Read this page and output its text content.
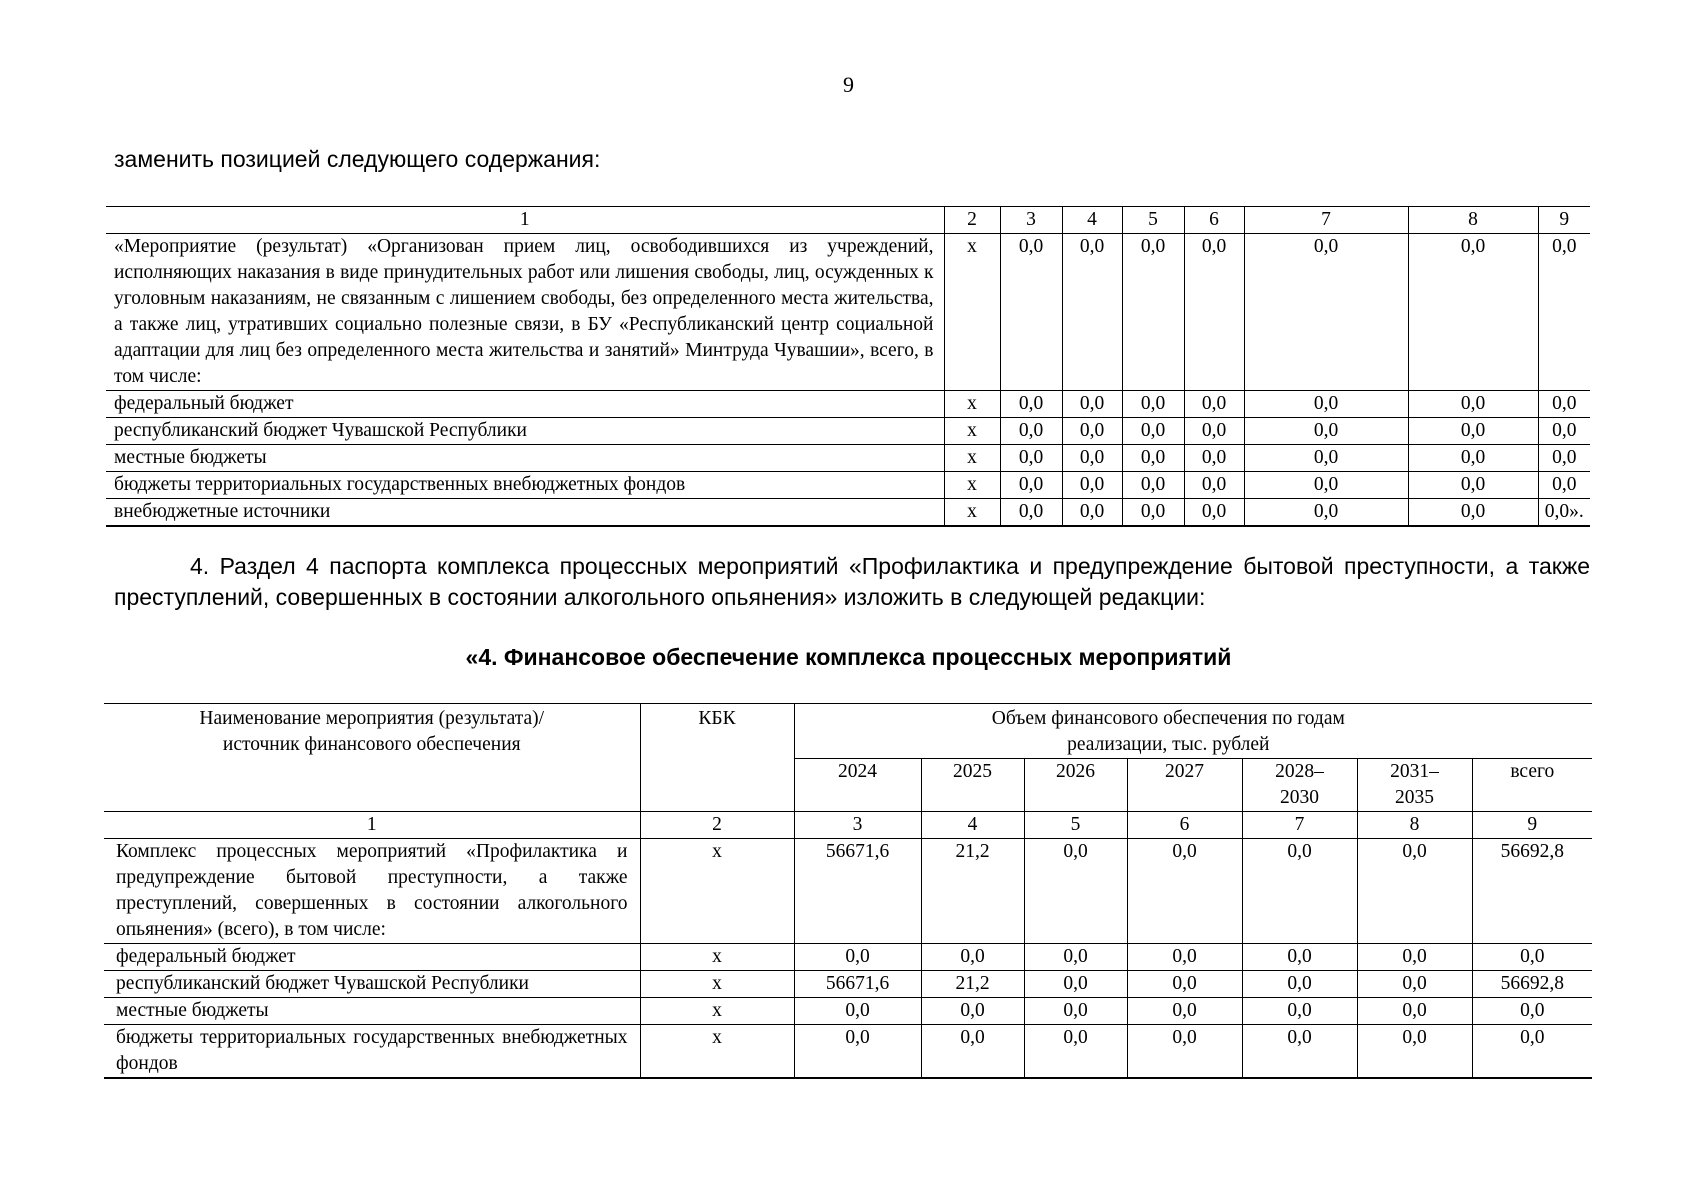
9
заменить позицией следующего содержания:
1	2	3	4	5	6	7	8	9
«Мероприятие (результат) «Организован прием лиц, освободившихся из учреждений, исполняющих наказания в виде принудительных работ или лишения свободы, лиц, осужденных к уголовным наказаниям, не связанным с лишением свободы, без определенного места жительства, а также лиц, утративших социально полезные связи, в БУ «Республиканский центр социальной адаптации для лиц без определенного места жительства и занятий» Минтруда Чувашии», всего, в том числе:	х	0,0	0,0	0,0	0,0	0,0	0,0	0,0
федеральный бюджет	х	0,0	0,0	0,0	0,0	0,0	0,0	0,0
республиканский бюджет Чувашской Республики	х	0,0	0,0	0,0	0,0	0,0	0,0	0,0
местные бюджеты	х	0,0	0,0	0,0	0,0	0,0	0,0	0,0
бюджеты территориальных государственных внебюджетных фондов	х	0,0	0,0	0,0	0,0	0,0	0,0	0,0
внебюджетные источники	х	0,0	0,0	0,0	0,0	0,0	0,0	0,0».
4. Раздел 4 паспорта комплекса процессных мероприятий «Профилактика и предупреждение бытовой преступности, а также преступлений, совершенных в состоянии алкогольного опьянения» изложить в следующей редакции:
«4. Финансовое обеспечение комплекса процессных мероприятий
Наименование мероприятия (результата)/ источник финансового обеспечения	КБК	Объем финансового обеспечения по годам реализации, тыс. рублей						
		2024	2025	2026	2027	2028– 2030	2031– 2035	всего
1	2	3	4	5	6	7	8	9
Комплекс процессных мероприятий «Профилактика и предупреждение бытовой преступности, а также преступлений, совершенных в состоянии алкогольного опьянения» (всего), в том числе:	х	56671,6	21,2	0,0	0,0	0,0	0,0	56692,8
федеральный бюджет	х	0,0	0,0	0,0	0,0	0,0	0,0	0,0
республиканский бюджет Чувашской Республики	х	56671,6	21,2	0,0	0,0	0,0	0,0	56692,8
местные бюджеты	х	0,0	0,0	0,0	0,0	0,0	0,0	0,0
бюджеты территориальных государственных внебюджетных фондов	х	0,0	0,0	0,0	0,0	0,0	0,0	0,0
